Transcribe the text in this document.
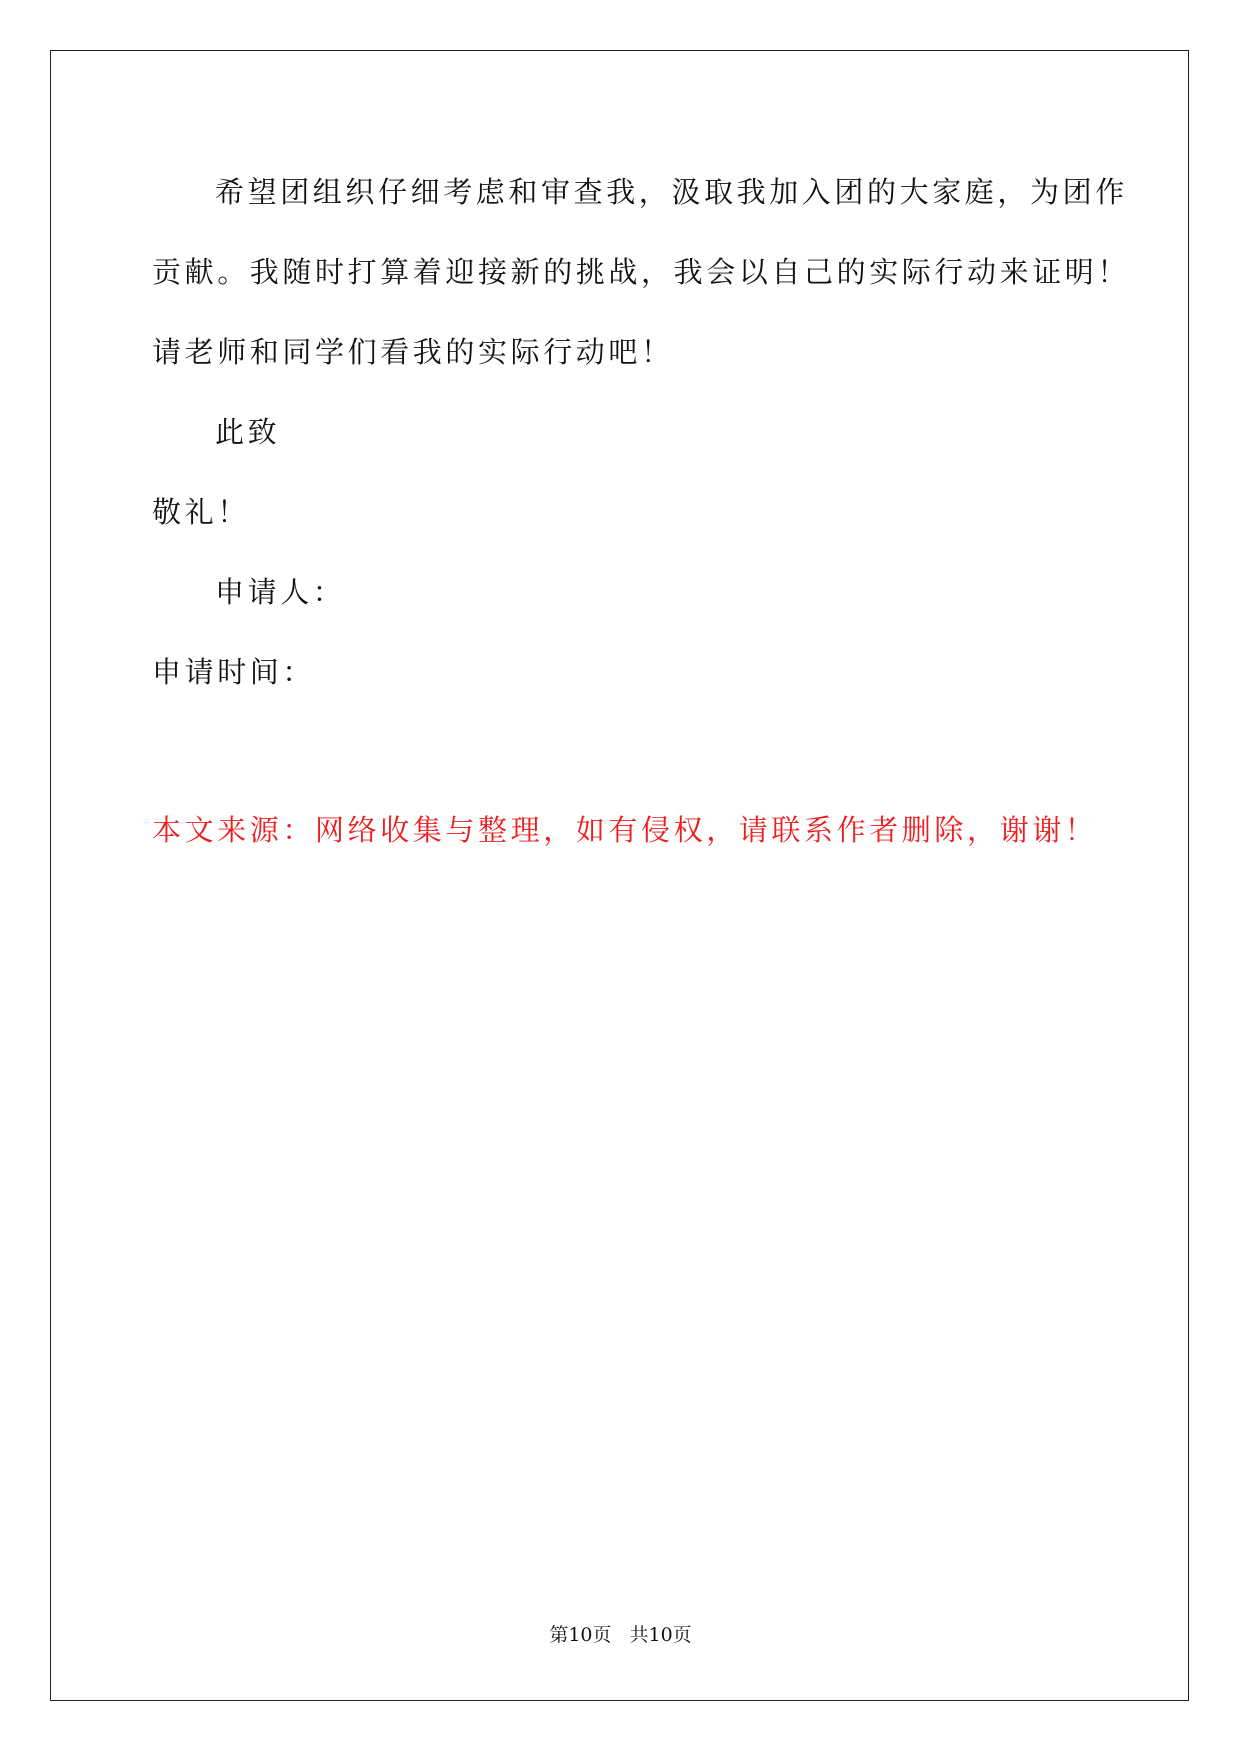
希望团组织仔细考虑和审查我，汲取我加入团的大家庭，为团作
贡献。我随时打算着迎接新的挑战，我会以自己的实际行动来证明！
请老师和同学们看我的实际行动吧！
此致
敬礼！
申请人：
申请时间：
本文来源：网络收集与整理，如有侵权，请联系作者删除，谢谢！
第10页 共10页
